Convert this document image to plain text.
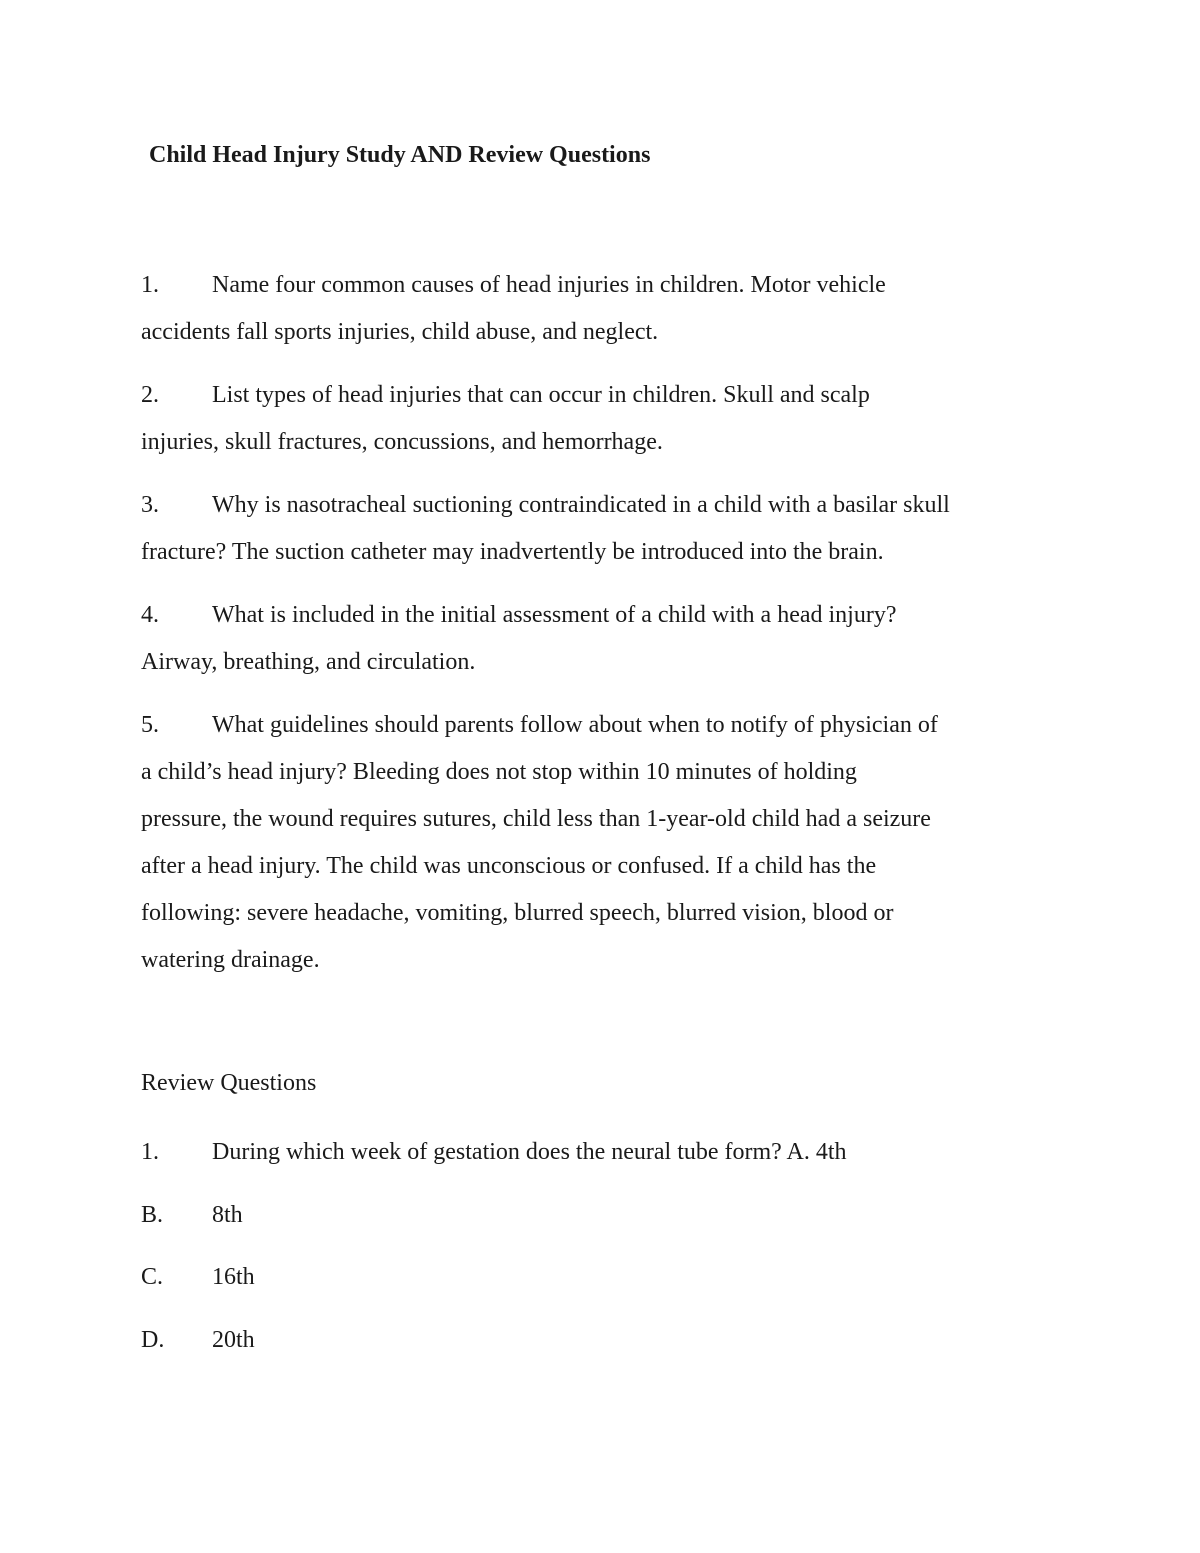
Child Head Injury Study AND Review Questions
1. Name four common causes of head injuries in children. Motor vehicle
accidents fall sports injuries, child abuse, and neglect.
2. List types of head injuries that can occur in children. Skull and scalp
injuries, skull fractures, concussions, and hemorrhage.
3. Why is nasotracheal suctioning contraindicated in a child with a basilar skull
fracture? The suction catheter may inadvertently be introduced into the brain.
4. What is included in the initial assessment of a child with a head injury?
Airway, breathing, and circulation.
5. What guidelines should parents follow about when to notify of physician of
a child’s head injury? Bleeding does not stop within 10 minutes of holding
pressure, the wound requires sutures, child less than 1-year-old child had a seizure
after a head injury. The child was unconscious or confused. If a child has the
following: severe headache, vomiting, blurred speech, blurred vision, blood or
watering drainage.
Review Questions
1. During which week of gestation does the neural tube form? A. 4th
B. 8th
C. 16th
D. 20th
